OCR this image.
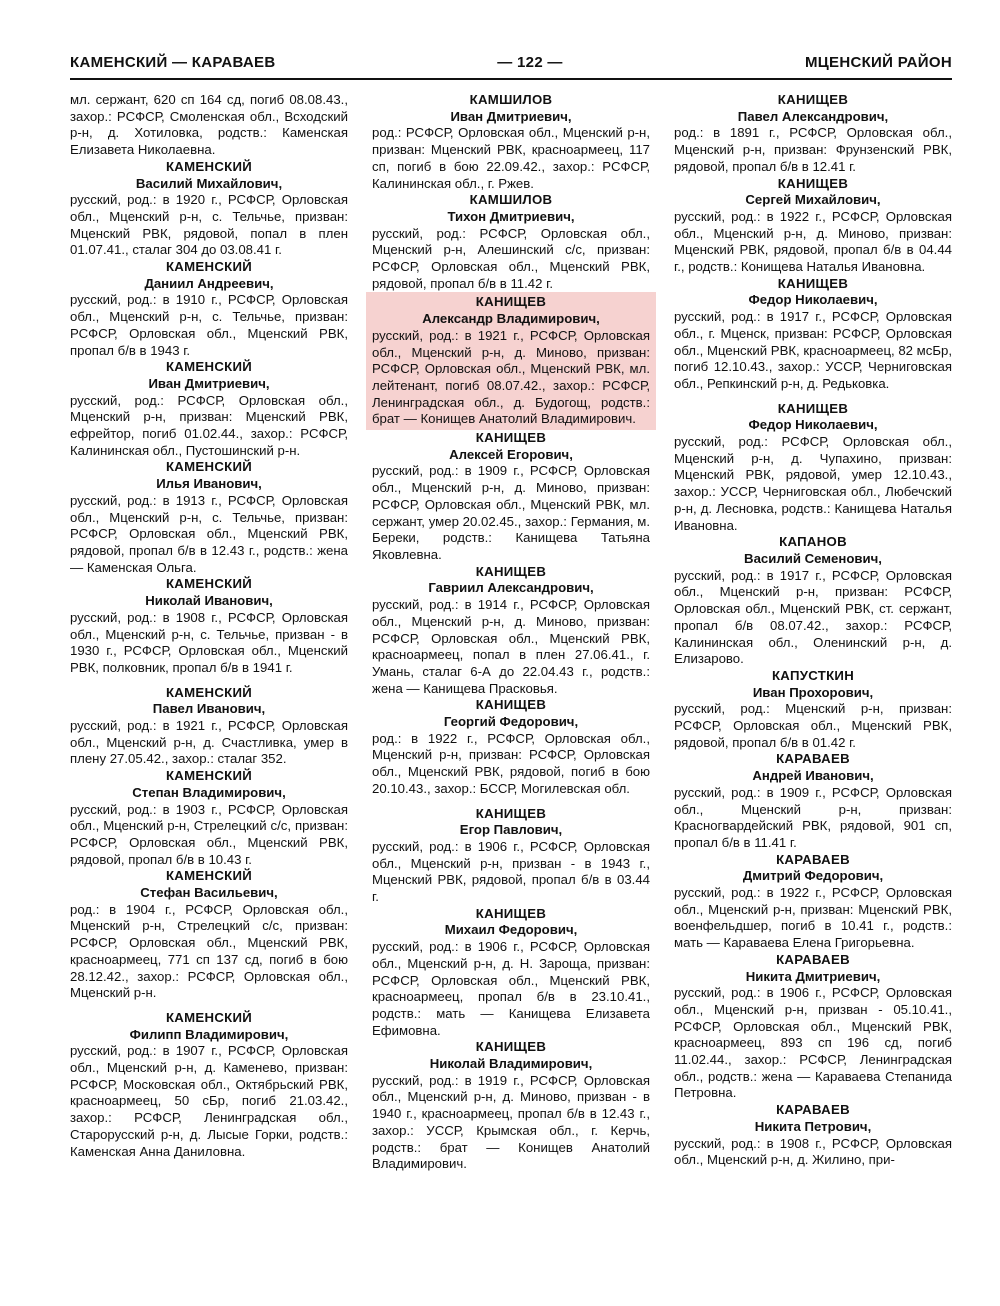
КАМЕНСКИЙ — КАРАВАЕВ	— 122 —	МЦЕНСКИЙ РАЙОН
мл. сержант, 620 сп 164 сд, погиб 08.08.43., захор.: РСФСР, Смоленская обл., Всходский р-н, д. Хотиловка, родств.: Каменская Елизавета Николаевна.
КАМЕНСКИЙ
Василий Михайлович,
русский, род.: в 1920 г., РСФСР, Орловская обл., Мценский р-н, с. Тельчье, призван: Мценский РВК, рядовой, попал в плен 01.07.41., сталаг 304 до 03.08.41 г.
КАМЕНСКИЙ
Даниил Андреевич,
русский, род.: в 1910 г., РСФСР, Орловская обл., Мценский р-н, с. Тельчье, призван: РСФСР, Орловская обл., Мценский РВК, пропал б/в в 1943 г.
КАМЕНСКИЙ
Иван Дмитриевич,
русский, род.: РСФСР, Орловская обл., Мценский р-н, призван: Мценский РВК, ефрейтор, погиб 01.02.44., захор.: РСФСР, Калининская обл., Пустошинский р-н.
КАМЕНСКИЙ
Илья Иванович,
русский, род.: в 1913 г., РСФСР, Орловская обл., Мценский р-н, с. Тельчье, призван: РСФСР, Орловская обл., Мценский РВК, рядовой, пропал б/в в 12.43 г., родств.: жена — Каменская Ольга.
КАМЕНСКИЙ
Николай Иванович,
русский, род.: в 1908 г., РСФСР, Орловская обл., Мценский р-н, с. Тельчье, призван - в 1930 г., РСФСР, Орловская обл., Мценский РВК, полковник, пропал б/в в 1941 г.
КАМЕНСКИЙ
Павел Иванович,
русский, род.: в 1921 г., РСФСР, Орловская обл., Мценский р-н, д. Счастливка, умер в плену 27.05.42., захор.: сталаг 352.
КАМЕНСКИЙ
Степан Владимирович,
русский, род.: в 1903 г., РСФСР, Орловская обл., Мценский р-н, Стрелецкий с/с, призван: РСФСР, Орловская обл., Мценский РВК, рядовой, пропал б/в в 10.43 г.
КАМЕНСКИЙ
Стефан Васильевич,
род.: в 1904 г., РСФСР, Орловская обл., Мценский р-н, Стрелецкий с/с, призван: РСФСР, Орловская обл., Мценский РВК, красноармеец, 771 сп 137 сд, погиб в бою 28.12.42., захор.: РСФСР, Орловская обл., Мценский р-н.
КАМЕНСКИЙ
Филипп Владимирович,
русский, род.: в 1907 г., РСФСР, Орловская обл., Мценский р-н, д. Каменево, призван: РСФСР, Московская обл., Октябрьский РВК, красноармеец, 50 сБр, погиб 21.03.42., захор.: РСФСР, Ленинградская обл., Старорусский р-н, д. Лысые Горки, родств.: Каменская Анна Даниловна.
КАМШИЛОВ
Иван Дмитриевич,
род.: РСФСР, Орловская обл., Мценский р-н, призван: Мценский РВК, красноармеец, 117 сп, погиб в бою 22.09.42., захор.: РСФСР, Калининская обл., г. Ржев.
КАМШИЛОВ
Тихон Дмитриевич,
русский, род.: РСФСР, Орловская обл., Мценский р-н, Алешинский с/с, призван: РСФСР, Орловская обл., Мценский РВК, рядовой, пропал б/в в 11.42 г.
КАНИЩЕВ
Александр Владимирович,
русский, род.: в 1921 г., РСФСР, Орловская обл., Мценский р-н, д. Миново, призван: РСФСР, Орловская обл., Мценский РВК, мл. лейтенант, погиб 08.07.42., захор.: РСФСР, Ленинградская обл., д. Будогощ, родств.: брат — Конищев Анатолий Владимирович.
КАНИЩЕВ
Алексей Егорович,
русский, род.: в 1909 г., РСФСР, Орловская обл., Мценский р-н, д. Миново, призван: РСФСР, Орловская обл., Мценский РВК, мл. сержант, умер 20.02.45., захор.: Германия, м. Береки, родств.: Канищева Татьяна Яковлевна.
КАНИЩЕВ
Гавриил Александрович,
русский, род.: в 1914 г., РСФСР, Орловская обл., Мценский р-н, д. Миново, призван: РСФСР, Орловская обл., Мценский РВК, красноармеец, попал в плен 27.06.41., г. Умань, сталаг 6-А до 22.04.43 г., родств.: жена — Канищева Прасковья.
КАНИЩЕВ
Георгий Федорович,
род.: в 1922 г., РСФСР, Орловская обл., Мценский р-н, призван: РСФСР, Орловская обл., Мценский РВК, рядовой, погиб в бою 20.10.43., захор.: БССР, Могилевская обл.
КАНИЩЕВ
Егор Павлович,
русский, род.: в 1906 г., РСФСР, Орловская обл., Мценский р-н, призван - в 1943 г., Мценский РВК, рядовой, пропал б/в в 03.44 г.
КАНИЩЕВ
Михаил Федорович,
русский, род.: в 1906 г., РСФСР, Орловская обл., Мценский р-н, д. Н. Зароща, призван: РСФСР, Орловская обл., Мценский РВК, красноармеец, пропал б/в в 23.10.41., родств.: мать — Канищева Елизавета Ефимовна.
КАНИЩЕВ
Николай Владимирович,
русский, род.: в 1919 г., РСФСР, Орловская обл., Мценский р-н, д. Миново, призван - в 1940 г., красноармеец, пропал б/в в 12.43 г., захор.: УССР, Крымская обл., г. Керчь, родств.: брат — Конищев Анатолий Владимирович.
КАНИЩЕВ
Павел Александрович,
род.: в 1891 г., РСФСР, Орловская обл., Мценский р-н, призван: Фрунзенский РВК, рядовой, пропал б/в в 12.41 г.
КАНИЩЕВ
Сергей Михайлович,
русский, род.: в 1922 г., РСФСР, Орловская обл., Мценский р-н, д. Миново, призван: Мценский РВК, рядовой, пропал б/в в 04.44 г., родств.: Конищева Наталья Ивановна.
КАНИЩЕВ
Федор Николаевич,
русский, род.: в 1917 г., РСФСР, Орловская обл., г. Мценск, призван: РСФСР, Орловская обл., Мценский РВК, красноармеец, 82 мсБр, погиб 12.10.43., захор.: УССР, Черниговская обл., Репкинский р-н, д. Редьковка.
КАНИЩЕВ
Федор Николаевич,
русский, род.: РСФСР, Орловская обл., Мценский р-н, д. Чупахино, призван: Мценский РВК, рядовой, умер 12.10.43., захор.: УССР, Черниговская обл., Любечский р-н, д. Лесновка, родств.: Канищева Наталья Ивановна.
КАПАНОВ
Василий Семенович,
русский, род.: в 1917 г., РСФСР, Орловская обл., Мценский р-н, призван: РСФСР, Орловская обл., Мценский РВК, ст. сержант, пропал б/в 08.07.42., захор.: РСФСР, Калининская обл., Оленинский р-н, д. Елизарово.
КАПУСТКИН
Иван Прохорович,
русский, род.: Мценский р-н, призван: РСФСР, Орловская обл., Мценский РВК, рядовой, пропал б/в в 01.42 г.
КАРАВАЕВ
Андрей Иванович,
русский, род.: в 1909 г., РСФСР, Орловская обл., Мценский р-н, призван: Красногвардейский РВК, рядовой, 901 сп, пропал б/в в 11.41 г.
КАРАВАЕВ
Дмитрий Федорович,
русский, род.: в 1922 г., РСФСР, Орловская обл., Мценский р-н, призван: Мценский РВК, военфельдшер, погиб в 10.41 г., родств.: мать — Караваева Елена Григорьевна.
КАРАВАЕВ
Никита Дмитриевич,
русский, род.: в 1906 г., РСФСР, Орловская обл., Мценский р-н, призван - 05.10.41., РСФСР, Орловская обл., Мценский РВК, красноармеец, 893 сп 196 сд, погиб 11.02.44., захор.: РСФСР, Ленинградская обл., родств.: жена — Караваева Степанида Петровна.
КАРАВАЕВ
Никита Петрович,
русский, род.: в 1908 г., РСФСР, Орловская обл., Мценский р-н, д. Жилино, при-
